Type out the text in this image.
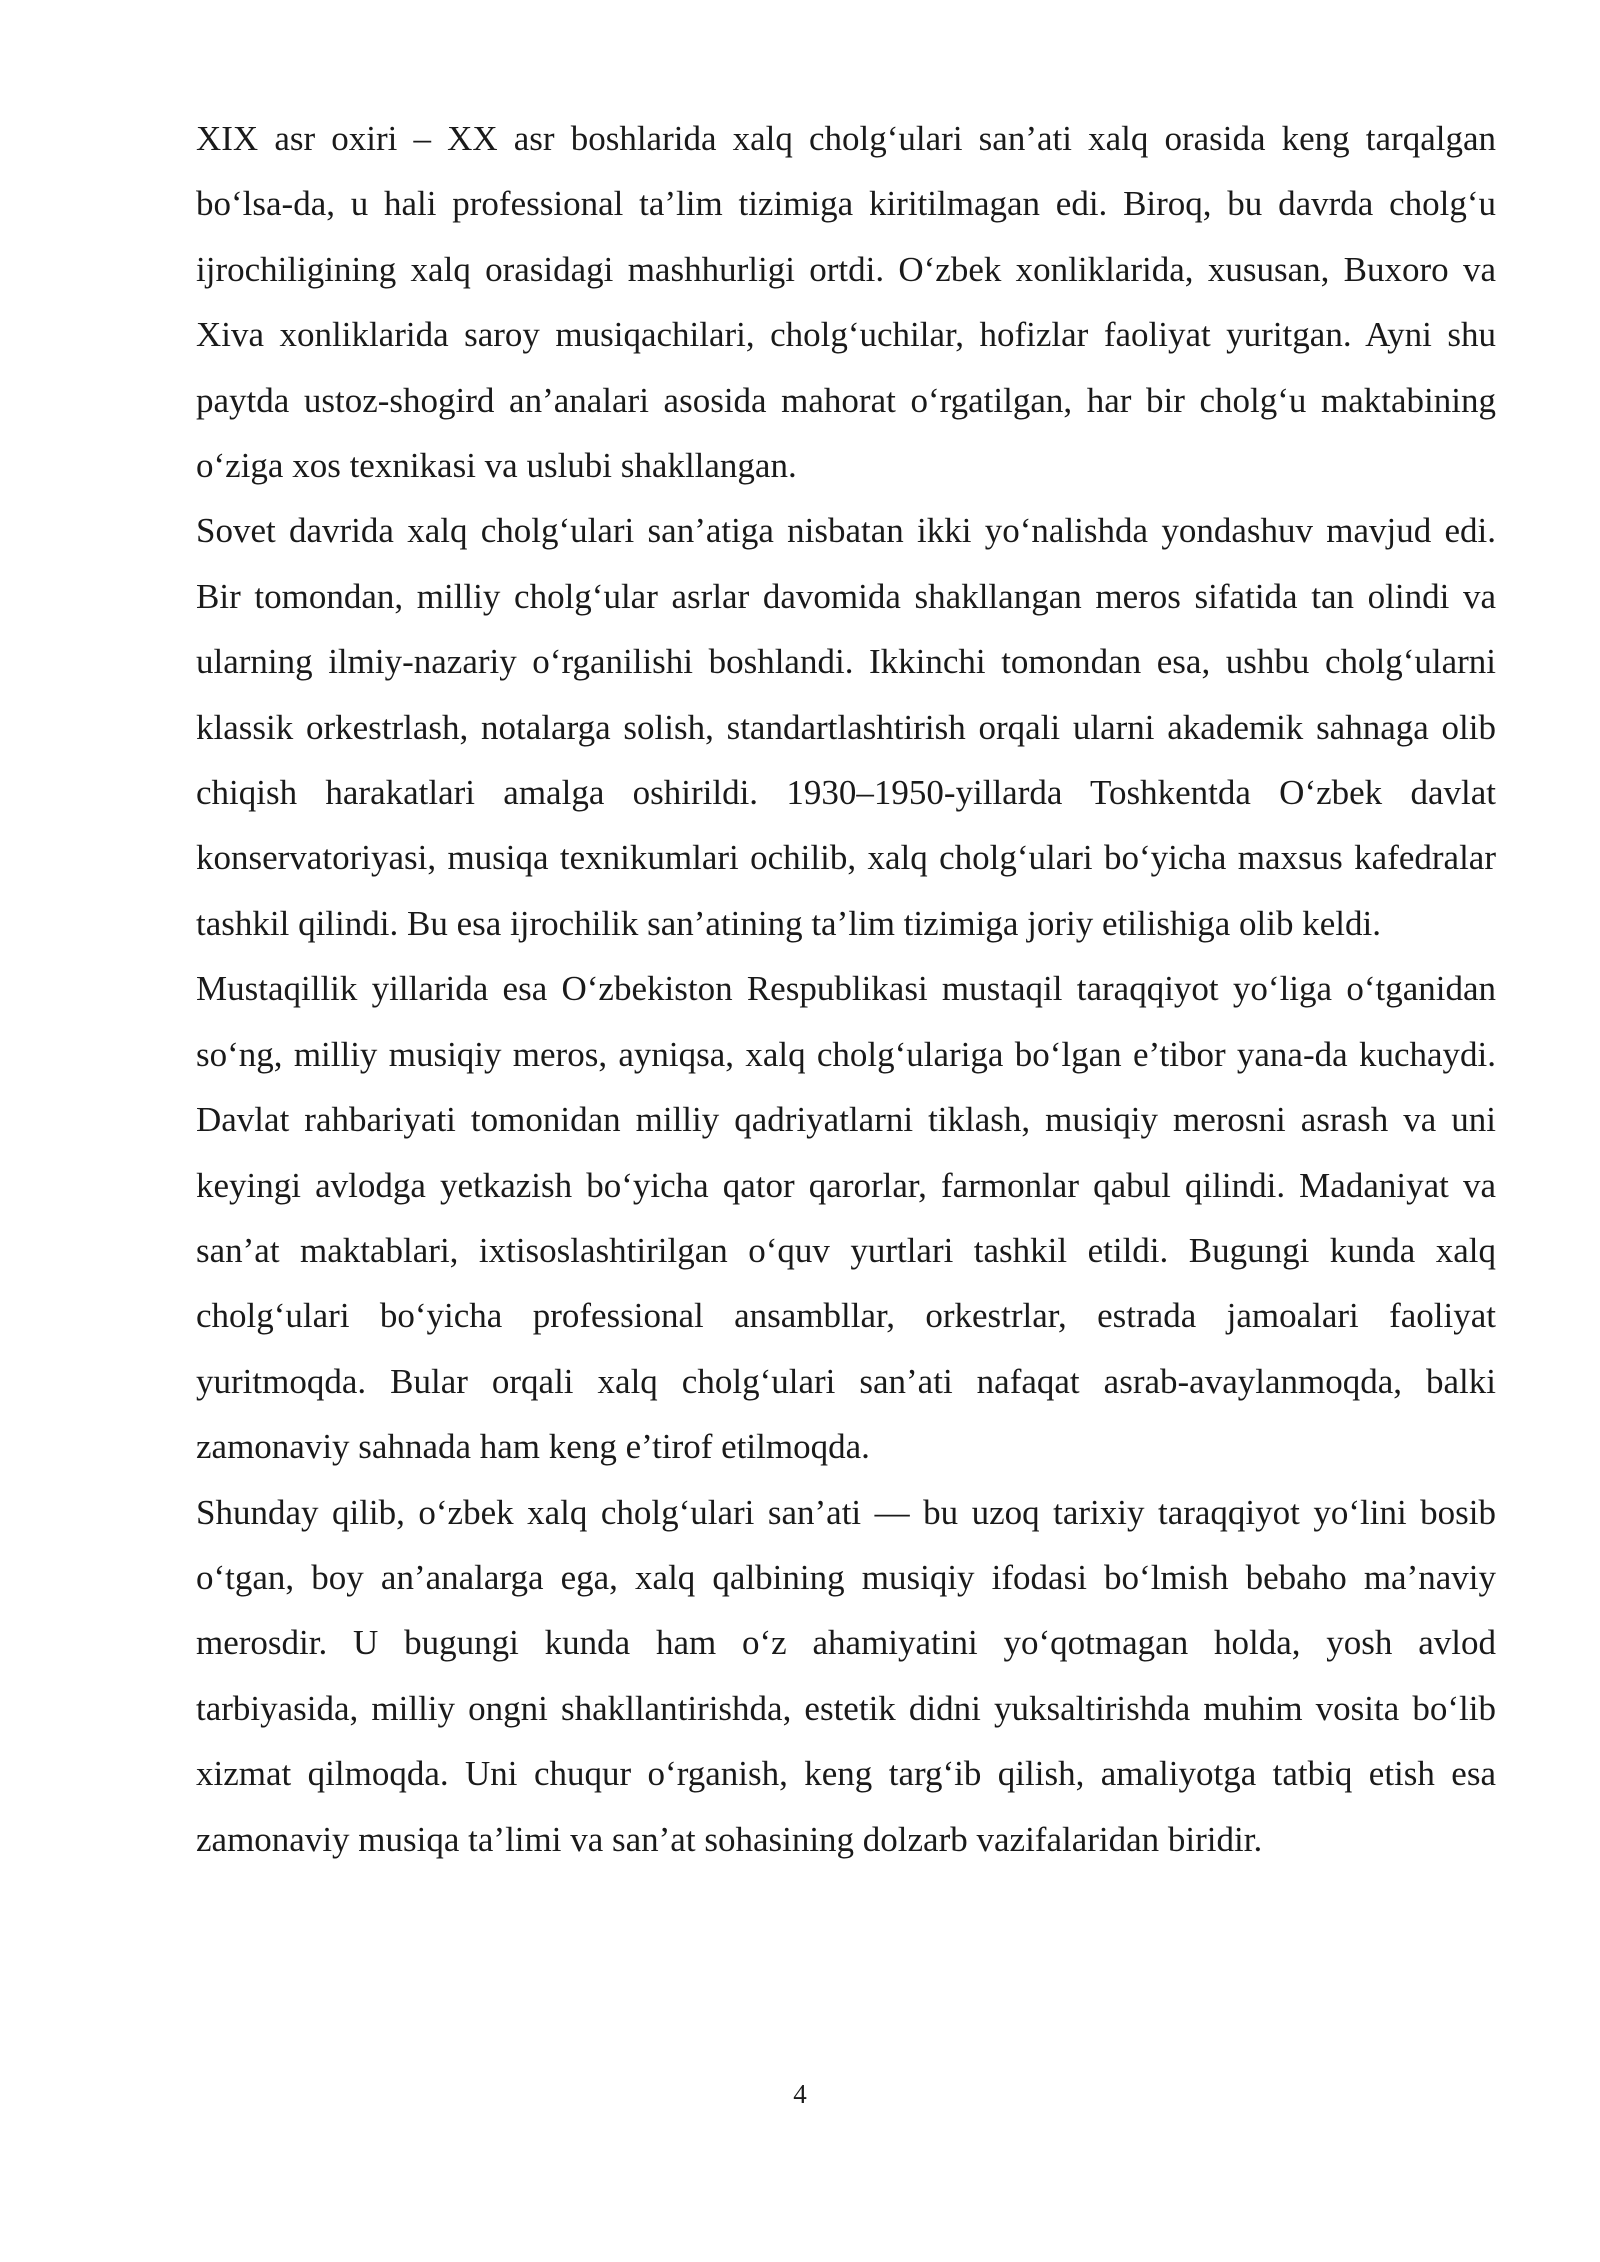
XIX asr oxiri – XX asr boshlarida xalq cholg‘ulari san’ati xalq orasida keng tarqalgan bo‘lsa-da, u hali professional ta’lim tizimiga kiritilmagan edi. Biroq, bu davrda cholg‘u ijrochiligining xalq orasidagi mashhurligi ortdi. O‘zbek xonliklarida, xususan, Buxoro va Xiva xonliklarida saroy musiqachilari, cholg‘uchilar, hofizlar faoliyat yuritgan. Ayni shu paytda ustoz-shogird an’analari asosida mahorat o‘rgatilgan, har bir cholg‘u maktabining o‘ziga xos texnikasi va uslubi shakllangan.

Sovet davrida xalq cholg‘ulari san’atiga nisbatan ikki yo‘nalishda yondashuv mavjud edi. Bir tomondan, milliy cholg‘ular asrlar davomida shakllangan meros sifatida tan olindi va ularning ilmiy-nazariy o‘rganilishi boshlandi. Ikkinchi tomondan esa, ushbu cholg‘ularni klassik orkestrlash, notalarga solish, standartlashtirish orqali ularni akademik sahnaga olib chiqish harakatlari amalga oshirildi. 1930–1950-yillarda Toshkentda O‘zbek davlat konservatoriyasi, musiqa texnikumlari ochilib, xalq cholg‘ulari bo‘yicha maxsus kafedralar tashkil qilindi. Bu esa ijrochilik san’atining ta’lim tizimiga joriy etilishiga olib keldi.

Mustaqillik yillarida esa O‘zbekiston Respublikasi mustaqil taraqqiyot yo‘liga o‘tganidan so‘ng, milliy musiqiy meros, ayniqsa, xalq cholg‘ulariga bo‘lgan e’tibor yana-da kuchaydi. Davlat rahbariyati tomonidan milliy qadriyatlarni tiklash, musiqiy merosni asrash va uni keyingi avlodga yetkazish bo‘yicha qator qarorlar, farmonlar qabul qilindi. Madaniyat va san’at maktablari, ixtisoslashtirilgan o‘quv yurtlari tashkil etildi. Bugungi kunda xalq cholg‘ulari bo‘yicha professional ansambllar, orkestrlar, estrada jamoalari faoliyat yuritmoqda. Bular orqali xalq cholg‘ulari san’ati nafaqat asrab-avaylanmoqda, balki zamonaviy sahnada ham keng e’tirof etilmoqda.

Shunday qilib, o‘zbek xalq cholg‘ulari san’ati — bu uzoq tarixiy taraqqiyot yo‘lini bosib o‘tgan, boy an’analarga ega, xalq qalbining musiqiy ifodasi bo‘lmish bebaho ma’naviy merosdir. U bugungi kunda ham o‘z ahamiyatini yo‘qotmagan holda, yosh avlod tarbiyasida, milliy ongni shakllantirishda, estetik didni yuksaltirishda muhim vosita bo‘lib xizmat qilmoqda. Uni chuqur o‘rganish, keng targ‘ib qilish, amaliyotga tatbiq etish esa zamonaviy musiqa ta’limi va san’at sohasining dolzarb vazifalaridan biridir.

4
